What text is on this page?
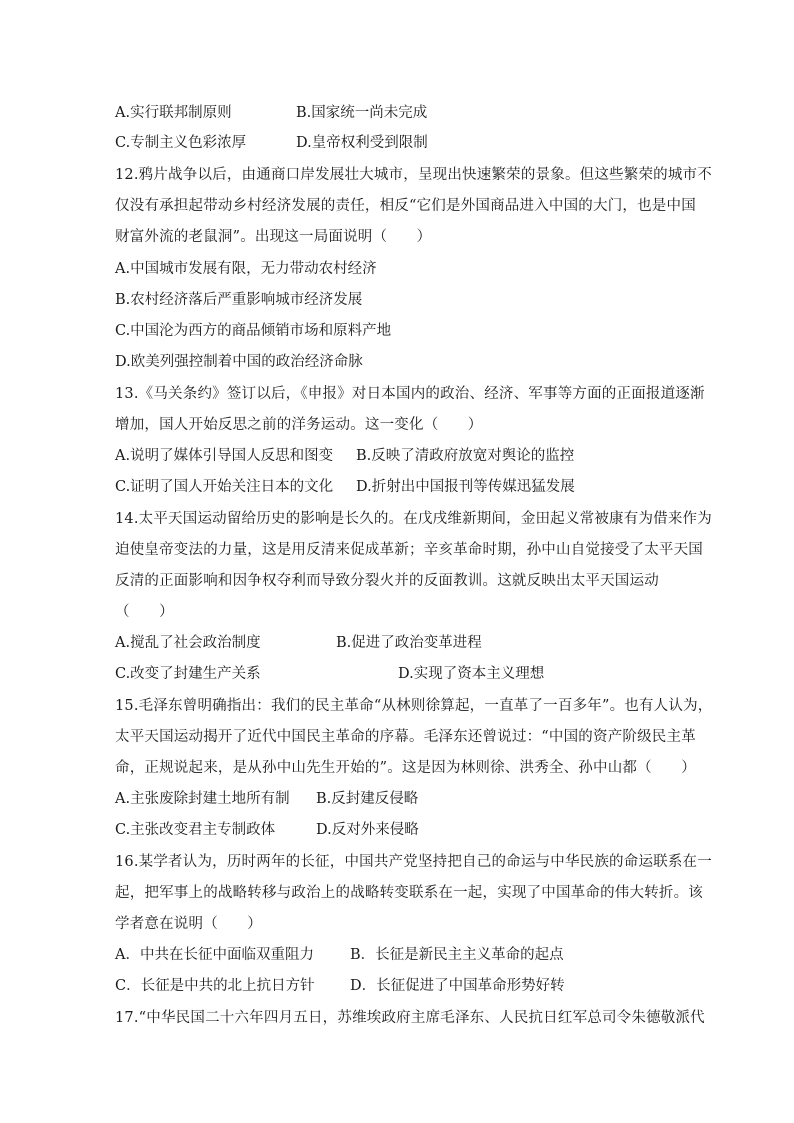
A.实行联邦制原则	B.国家统一尚未完成
C.专制主义色彩浓厚	D.皇帝权利受到限制
12.鸦片战争以后，由通商口岸发展壮大城市，呈现出快速繁荣的景象。但这些繁荣的城市不
仅没有承担起带动乡村经济发展的责任，相反“它们是外国商品进入中国的大门，也是中国
财富外流的老鼠洞”。出现这一局面说明（　　）
A.中国城市发展有限，无力带动农村经济
B.农村经济落后严重影响城市经济发展
C.中国沦为西方的商品倾销市场和原料产地
D.欧美列强控制着中国的政治经济命脉
13.《马关条约》签订以后，《申报》对日本国内的政治、经济、军事等方面的正面报道逐渐
增加，国人开始反思之前的洋务运动。这一变化（　　）
A.说明了媒体引导国人反思和图变 B.反映了清政府放宽对舆论的监控
C.证明了国人开始关注日本的文化 D.折射出中国报刊等传媒迅猛发展
14.太平天国运动留给历史的影响是长久的。在戊戌维新期间，金田起义常被康有为借来作为
迫使皇帝变法的力量，这是用反清来促成革新；辛亥革命时期，孙中山自觉接受了太平天国
反清的正面影响和因争权夺利而导致分裂火并的反面教训。这就反映出太平天国运动
（　　）
A.搅乱了社会政治制度	B.促进了政治变革进程
C.改变了封建生产关系	D.实现了资本主义理想
15.毛泽东曾明确指出：我们的民主革命“从林则徐算起，一直革了一百多年”。也有人认为，
太平天国运动揭开了近代中国民主革命的序幕。毛泽东还曾说过：“中国的资产阶级民主革
命，正规说起来，是从孙中山先生开始的”。这是因为林则徐、洪秀全、孙中山都（　　）
A.主张废除封建土地所有制 B.反封建反侵略
C.主张改变君主专制政体	D.反对外来侵略
16.某学者认为，历时两年的长征，中国共产党坚持把自己的命运与中华民族的命运联系在一
起，把军事上的战略转移与政治上的战略转变联系在一起，实现了中国革命的伟大转折。该
学者意在说明（　　）
A．中共在长征中面临双重阻力 B．长征是新民主主义革命的起点
C．长征是中共的北上抗日方针 D．长征促进了中国革命形势好转
17.“中华民国二十六年四月五日，苏维埃政府主席毛泽东、人民抗日红军总司令朱德敬派代
